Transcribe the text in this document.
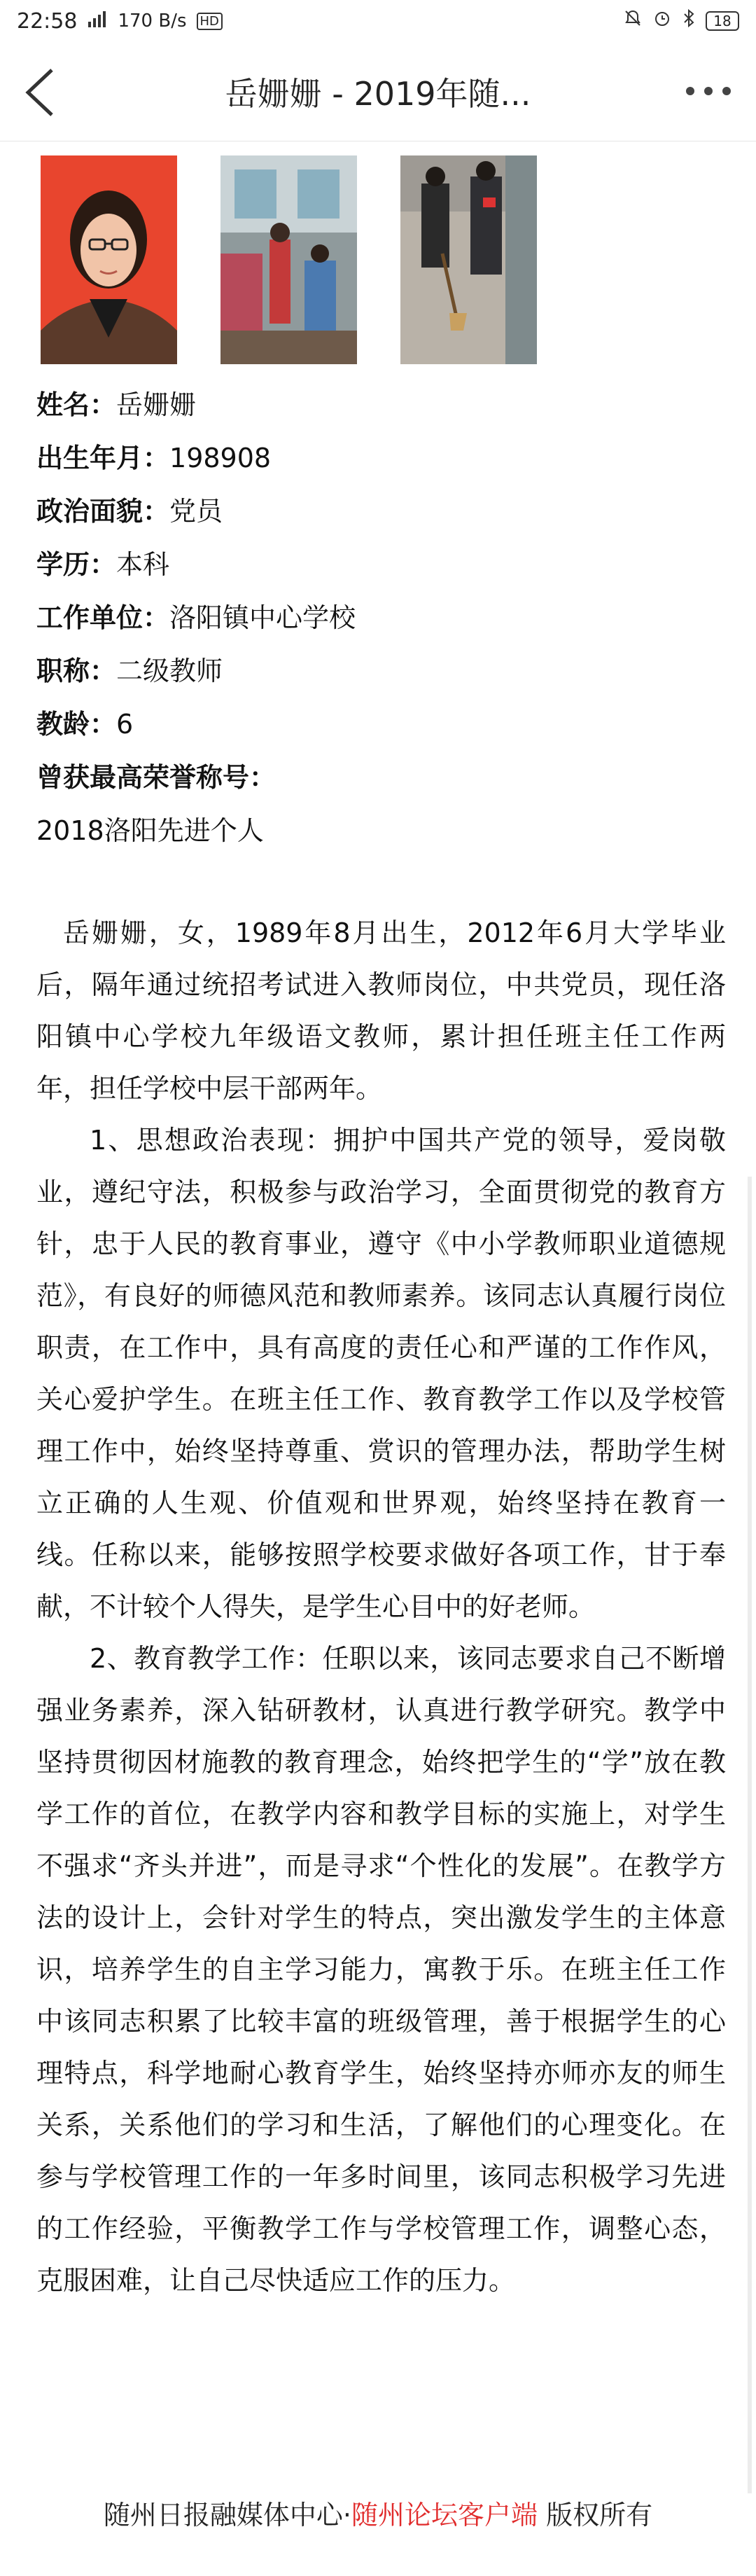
22:58 170 B/s HD	18
岳姗姗 - 2019年随...
姓名：岳姗姗
出生年月：198908
政治面貌：党员
学历：本科
工作单位：洛阳镇中心学校
职称：二级教师
教龄：6
曾获最高荣誉称号：
2018洛阳先进个人

岳姗姗，女，1989年8月出生，2012年6月大学毕业后，隔年通过统招考试进入教师岗位，中共党员，现任洛阳镇中心学校九年级语文教师，累计担任班主任工作两年，担任学校中层干部两年。

1、思想政治表现：拥护中国共产党的领导，爱岗敬业，遵纪守法，积极参与政治学习，全面贯彻党的教育方针，忠于人民的教育事业，遵守《中小学教师职业道德规范》，有良好的师德风范和教师素养。该同志认真履行岗位职责，在工作中，具有高度的责任心和严谨的工作作风，关心爱护学生。在班主任工作、教育教学工作以及学校管理工作中，始终坚持尊重、赏识的管理办法，帮助学生树立正确的人生观、价值观和世界观，始终坚持在教育一线。任称以来，能够按照学校要求做好各项工作，甘于奉献，不计较个人得失，是学生心目中的好老师。

2、教育教学工作：任职以来，该同志要求自己不断增强业务素养，深入钻研教材，认真进行教学研究。教学中坚持贯彻因材施教的教育理念，始终把学生的“学”放在教学工作的首位，在教学内容和教学目标的实施上，对学生不强求“齐头并进”，而是寻求“个性化的发展”。在教学方法的设计上，会针对学生的特点，突出激发学生的主体意识，培养学生的自主学习能力，寓教于乐。在班主任工作中该同志积累了比较丰富的班级管理，善于根据学生的心理特点，科学地耐心教育学生，始终坚持亦师亦友的师生关系，关系他们的学习和生活，了解他们的心理变化。在参与学校管理工作的一年多时间里，该同志积极学习先进的工作经验，平衡教学工作与学校管理工作，调整心态，克服困难，让自己尽快适应工作的压力。

随州日报融媒体中心·随州论坛客户端 版权所有
